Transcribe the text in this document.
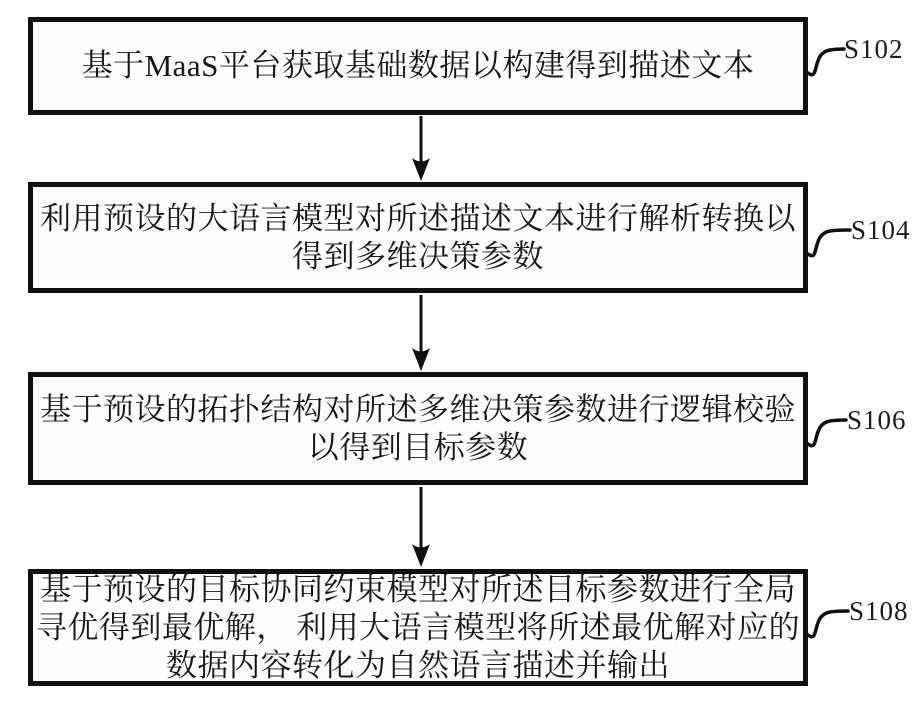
基于MaaS平台获取基础数据以构建得到描述文本
利用预设的大语言模型对所述描述文本进行解析转换以
得到多维决策参数
基于预设的拓扑结构对所述多维决策参数进行逻辑校验
以得到目标参数
基于预设的目标协同约束模型对所述目标参数进行全局
寻优得到最优解， 利用大语言模型将所述最优解对应的
数据内容转化为自然语言描述并输出
S102
S104
S106
S108
